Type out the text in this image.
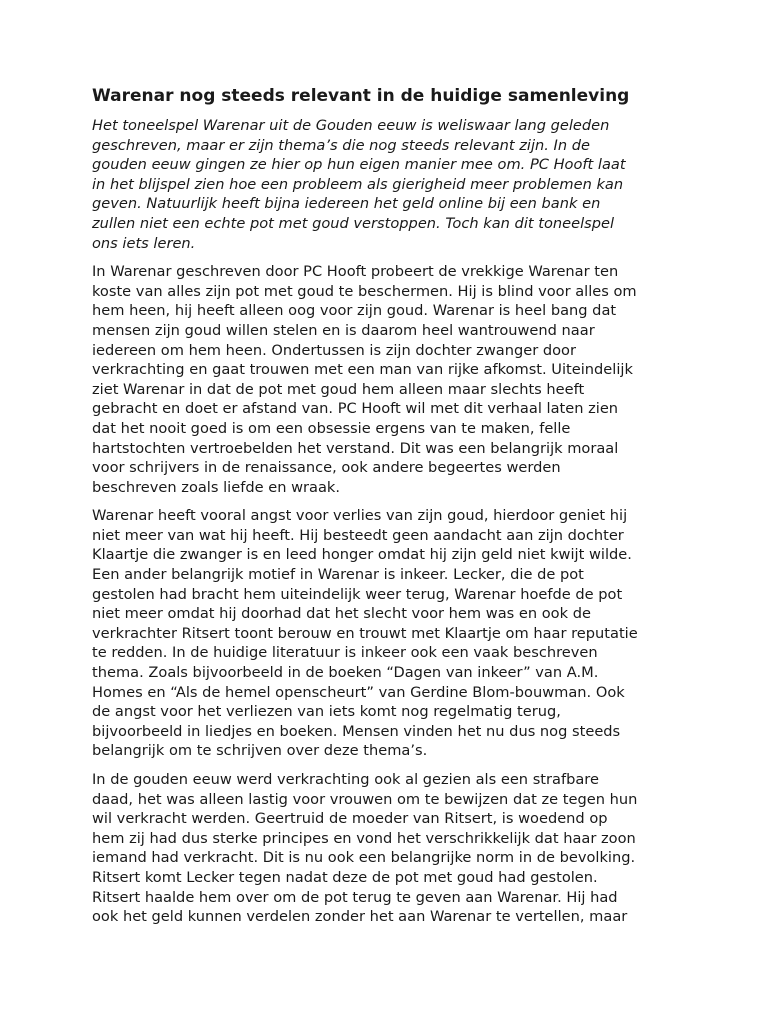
Warenar nog steeds relevant in de huidige samenleving
Het toneelspel Warenar uit de Gouden eeuw is weliswaar lang geleden
geschreven, maar er zijn thema’s die nog steeds relevant zijn. In de
gouden eeuw gingen ze hier op hun eigen manier mee om. PC Hooft laat
in het blijspel zien hoe een probleem als gierigheid meer problemen kan
geven. Natuurlijk heeft bijna iedereen het geld online bij een bank en
zullen niet een echte pot met goud verstoppen. Toch kan dit toneelspel
ons iets leren.
In Warenar geschreven door PC Hooft probeert de vrekkige Warenar ten
koste van alles zijn pot met goud te beschermen. Hij is blind voor alles om
hem heen, hij heeft alleen oog voor zijn goud. Warenar is heel bang dat
mensen zijn goud willen stelen en is daarom heel wantrouwend naar
iedereen om hem heen. Ondertussen is zijn dochter zwanger door
verkrachting en gaat trouwen met een man van rijke afkomst. Uiteindelijk
ziet Warenar in dat de pot met goud hem alleen maar slechts heeft
gebracht en doet er afstand van. PC Hooft wil met dit verhaal laten zien
dat het nooit goed is om een obsessie ergens van te maken, felle
hartstochten vertroebelden het verstand. Dit was een belangrijk moraal
voor schrijvers in de renaissance, ook andere begeertes werden
beschreven zoals liefde en wraak.
Warenar heeft vooral angst voor verlies van zijn goud, hierdoor geniet hij
niet meer van wat hij heeft. Hij besteedt geen aandacht aan zijn dochter
Klaartje die zwanger is en leed honger omdat hij zijn geld niet kwijt wilde.
Een ander belangrijk motief in Warenar is inkeer. Lecker, die de pot
gestolen had bracht hem uiteindelijk weer terug, Warenar hoefde de pot
niet meer omdat hij doorhad dat het slecht voor hem was en ook de
verkrachter Ritsert toont berouw en trouwt met Klaartje om haar reputatie
te redden. In de huidige literatuur is inkeer ook een vaak beschreven
thema. Zoals bijvoorbeeld in de boeken “Dagen van inkeer” van A.M.
Homes en “Als de hemel openscheurt” van Gerdine Blom-bouwman. Ook
de angst voor het verliezen van iets komt nog regelmatig terug,
bijvoorbeeld in liedjes en boeken. Mensen vinden het nu dus nog steeds
belangrijk om te schrijven over deze thema’s.
In de gouden eeuw werd verkrachting ook al gezien als een strafbare
daad, het was alleen lastig voor vrouwen om te bewijzen dat ze tegen hun
wil verkracht werden. Geertruid de moeder van Ritsert, is woedend op
hem zij had dus sterke principes en vond het verschrikkelijk dat haar zoon
iemand had verkracht. Dit is nu ook een belangrijke norm in de bevolking.
Ritsert komt Lecker tegen nadat deze de pot met goud had gestolen.
Ritsert haalde hem over om de pot terug te geven aan Warenar. Hij had
ook het geld kunnen verdelen zonder het aan Warenar te vertellen, maar
